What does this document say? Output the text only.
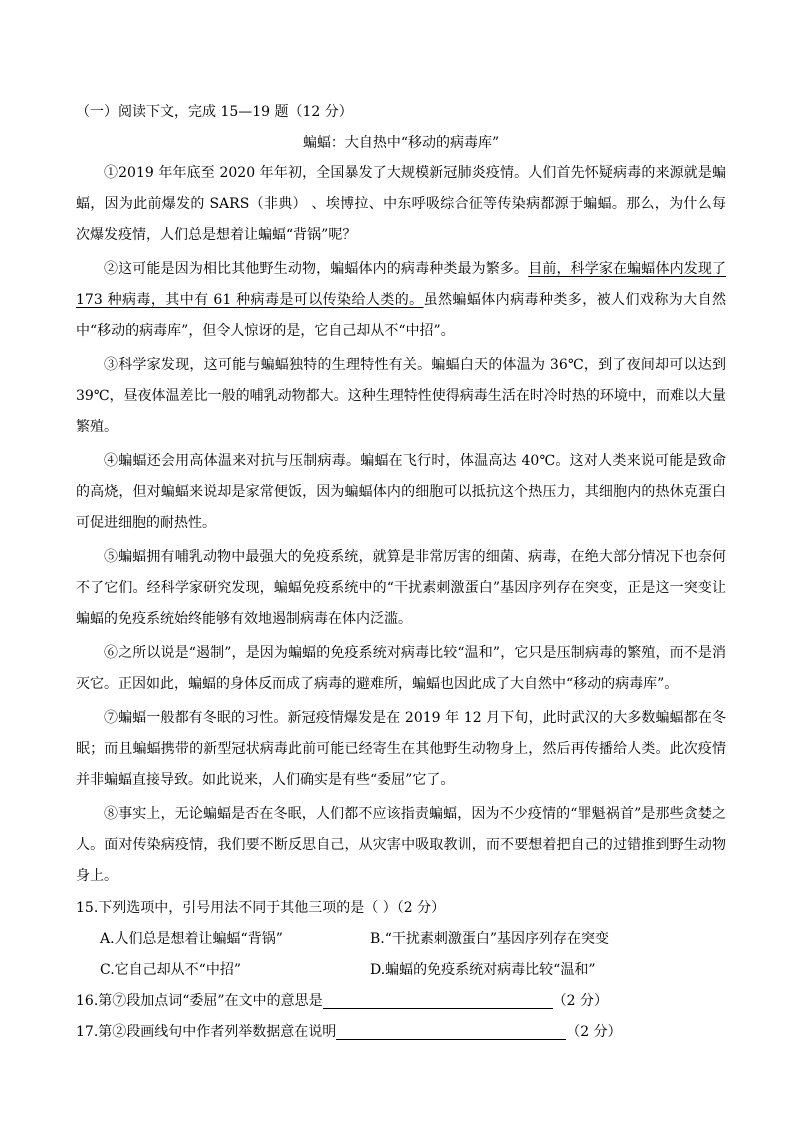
（一）阅读下文，完成 15—19 题（12 分）

蝙蝠：大自热中“移动的病毒库”

①2019 年年底至 2020 年年初，全国暴发了大规模新冠肺炎疫情。人们首先怀疑病毒的来源就是蝙蝠，因为此前爆发的 SARS（非典） 、埃博拉、中东呼吸综合征等传染病都源于蝙蝠。那么，为什么每次爆发疫情，人们总是想着让蝙蝠“背锅”呢？

②这可能是因为相比其他野生动物，蝙蝠体内的病毒种类最为繁多。目前，科学家在蝙蝠体内发现了 173 种病毒，其中有 61 种病毒是可以传染给人类的。虽然蝙蝠体内病毒种类多，被人们戏称为大自然中“移动的病毒库”，但令人惊讶的是，它自己却从不“中招”。

③科学家发现，这可能与蝙蝠独特的生理特性有关。蝙蝠白天的体温为 36℃，到了夜间却可以达到 39℃，昼夜体温差比一般的哺乳动物都大。这种生理特性使得病毒生活在时冷时热的环境中，而难以大量繁殖。

④蝙蝠还会用高体温来对抗与压制病毒。蝙蝠在飞行时，体温高达 40℃。这对人类来说可能是致命的高烧，但对蝙蝠来说却是家常便饭，因为蝙蝠体内的细胞可以抵抗这个热压力，其细胞内的热休克蛋白可促进细胞的耐热性。

⑤蝙蝠拥有哺乳动物中最强大的免疫系统，就算是非常厉害的细菌、病毒，在绝大部分情况下也奈何不了它们。经科学家研究发现，蝙蝠免疫系统中的“干扰素刺激蛋白”基因序列存在突变，正是这一突变让蝙蝠的免疫系统始终能够有效地遏制病毒在体内泛滥。

⑥之所以说是“遏制”，是因为蝙蝠的免疫系统对病毒比较“温和”，它只是压制病毒的繁殖，而不是消灭它。正因如此，蝙蝠的身体反而成了病毒的避难所，蝙蝠也因此成了大自然中“移动的病毒库”。

⑦蝙蝠一般都有冬眠的习性。新冠疫情爆发是在 2019 年 12 月下旬，此时武汉的大多数蝙蝠都在冬眠；而且蝙蝠携带的新型冠状病毒此前可能已经寄生在其他野生动物身上，然后再传播给人类。此次疫情并非蝙蝠直接导致。如此说来，人们确实是有些“委屈”它了。

⑧事实上，无论蝙蝠是否在冬眠，人们都不应该指责蝙蝠，因为不少疫情的“罪魁祸首”是那些贪婪之人。面对传染病疫情，我们要不断反思自己，从灾害中吸取教训，而不要想着把自己的过错推到野生动物身上。

15.下列选项中，引号用法不同于其他三项的是（ ）（2 分）

A.人们总是想着让蝙蝠“背锅”	B.“干扰素刺激蛋白”基因序列存在突变
C.它自己却从不“中招”	D.蝙蝠的免疫系统对病毒比较“温和”

16.第⑦段加点词“委屈”在文中的意思是	（2 分）

17.第②段画线句中作者列举数据意在说明	（2 分）
